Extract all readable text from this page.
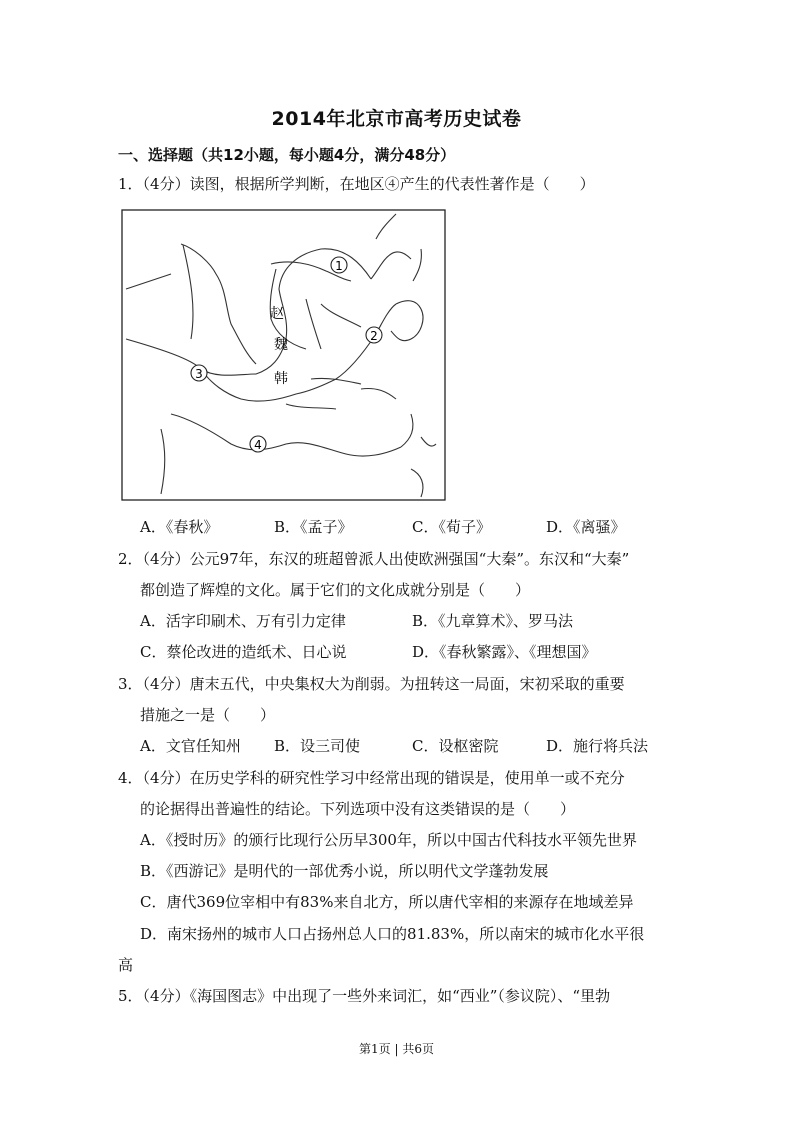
2014年北京市高考历史试卷
一、选择题（共12小题，每小题4分，满分48分）
1．（4分）读图，根据所学判断，在地区④产生的代表性著作是（　　）
1
2
3
4
赵
魏
韩
A．《春秋》	B．《孟子》	C．《荀子》	D．《离骚》
2．（4分）公元97年，东汉的班超曾派人出使欧洲强国“大秦”。东汉和“大秦”
都创造了辉煌的文化。属于它们的文化成就分别是（　　）
A．活字印刷术、万有引力定律	B．《九章算术》、罗马法
C．蔡伦改进的造纸术、日心说	D．《春秋繁露》、《理想国》
3．（4分）唐末五代，中央集权大为削弱。为扭转这一局面，宋初采取的重要
措施之一是（　　）
A．文官任知州 B．设三司使	C．设枢密院	D．施行将兵法
4．（4分）在历史学科的研究性学习中经常出现的错误是，使用单一或不充分
的论据得出普遍性的结论。下列选项中没有这类错误的是（　　）
A．《授时历》的颁行比现行公历早300年，所以中国古代科技水平领先世界
B．《西游记》是明代的一部优秀小说，所以明代文学蓬勃发展
C．唐代369位宰相中有83%来自北方，所以唐代宰相的来源存在地域差异
D．南宋扬州的城市人口占扬州总人口的81.83%，所以南宋的城市化水平很
高
5．（4分）《海国图志》中出现了一些外来词汇，如“西业”（参议院）、“里勃
第1页 | 共6页
